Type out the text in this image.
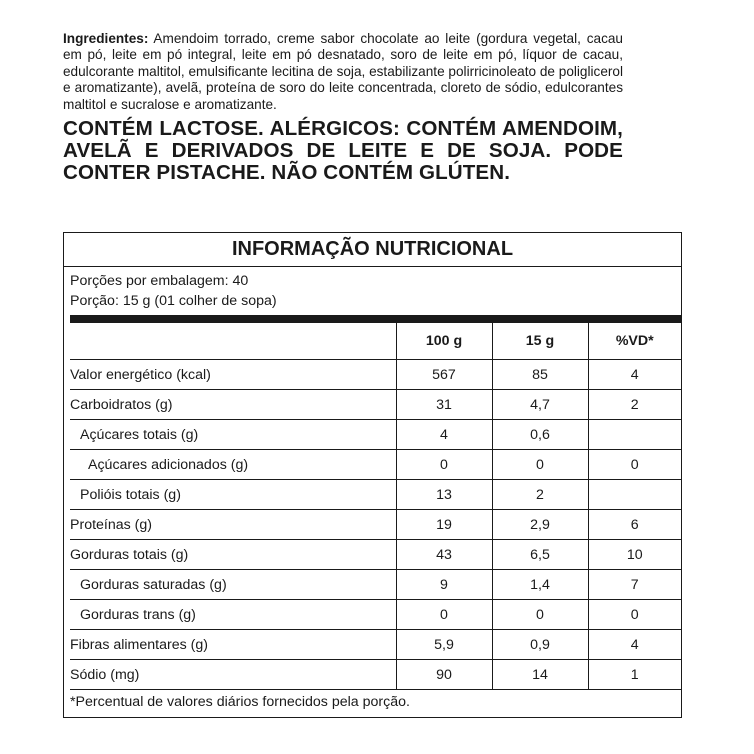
Ingredientes: Amendoim torrado, creme sabor chocolate ao leite (gordura vegetal, cacau em pó, leite em pó integral, leite em pó desnatado, soro de leite em pó, líquor de cacau, edulcorante maltitol, emulsificante lecitina de soja, estabilizante polirricinoleato de poliglicerol e aromatizante), avelã, proteína de soro do leite concentrada, cloreto de sódio, edulcorantes maltitol e sucralose e aromatizante.
CONTÉM LACTOSE. ALÉRGICOS: CONTÉM AMENDOIM, AVELÃ E DERIVADOS DE LEITE E DE SOJA. PODE CONTER PISTACHE. NÃO CONTÉM GLÚTEN.
INFORMAÇÃO NUTRICIONAL
Porções por embalagem: 40
Porção: 15 g (01 colher de sopa)
	100 g	15 g	%VD*
Valor energético (kcal)	567	85	4
Carboidratos (g)	31	4,7	2
Açúcares totais (g)	4	0,6	
Açúcares adicionados (g)	0	0	0
Polióis totais (g)	13	2	
Proteínas (g)	19	2,9	6
Gorduras totais (g)	43	6,5	10
Gorduras saturadas (g)	9	1,4	7
Gorduras trans (g)	0	0	0
Fibras alimentares (g)	5,9	0,9	4
Sódio (mg)	90	14	1
*Percentual de valores diários fornecidos pela porção.
